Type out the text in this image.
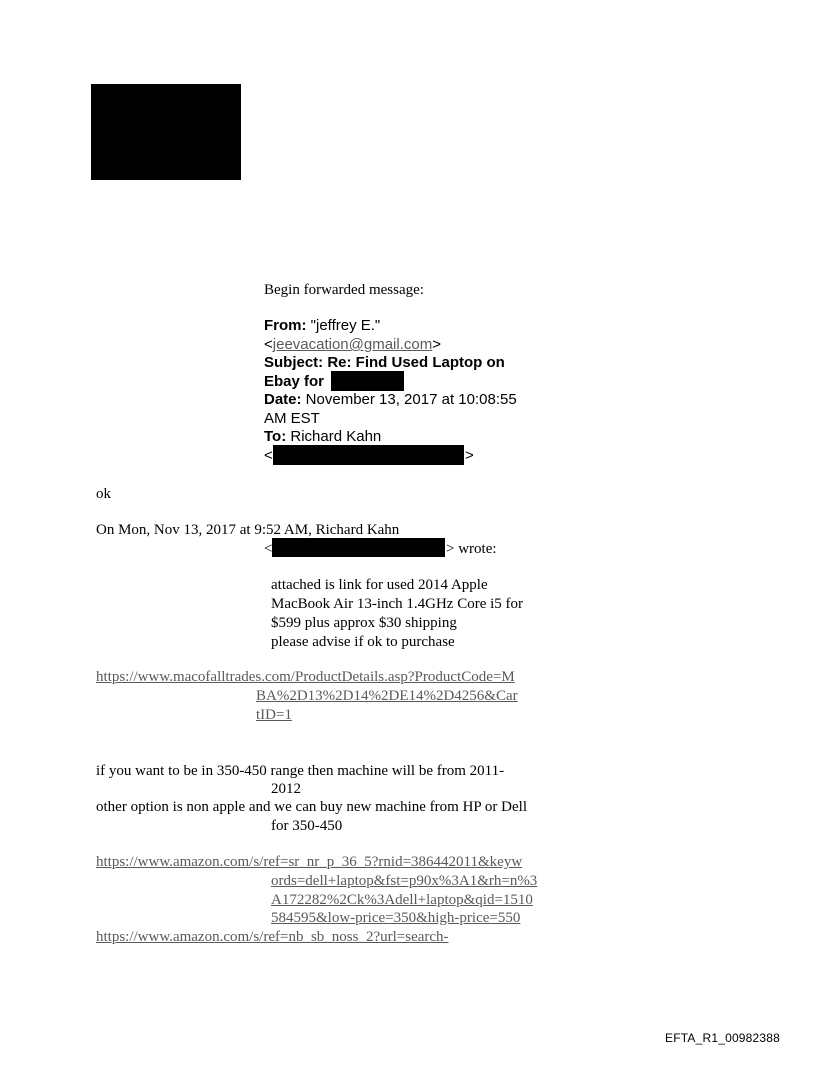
Begin forwarded message:
From: "jeffrey E."
<jeevacation@gmail.com>
Subject: Re: Find Used Laptop on
Ebay for
Date: November 13, 2017 at 10:08:55
AM EST
To: Richard Kahn
<	>
ok
On Mon, Nov 13, 2017 at 9:52 AM, Richard Kahn
<	> wrote:
attached is link for used 2014 Apple
MacBook Air 13-inch 1.4GHz Core i5 for
$599 plus approx $30 shipping
please advise if ok to purchase
https://www.macofalltrades.com/ProductDetails.asp?ProductCode=M
BA%2D13%2D14%2DE14%2D4256&Car
tID=1
if you want to be in 350-450 range then machine will be from 2011-
2012
other option is non apple and we can buy new machine from HP or Dell
for 350-450
https://www.amazon.com/s/ref=sr_nr_p_36_5?rnid=386442011&keyw
ords=dell+laptop&fst=p90x%3A1&rh=n%3
A172282%2Ck%3Adell+laptop&qid=1510
584595&low-price=350&high-price=550
https://www.amazon.com/s/ref=nb_sb_noss_2?url=search-
EFTA_R1_00982388
